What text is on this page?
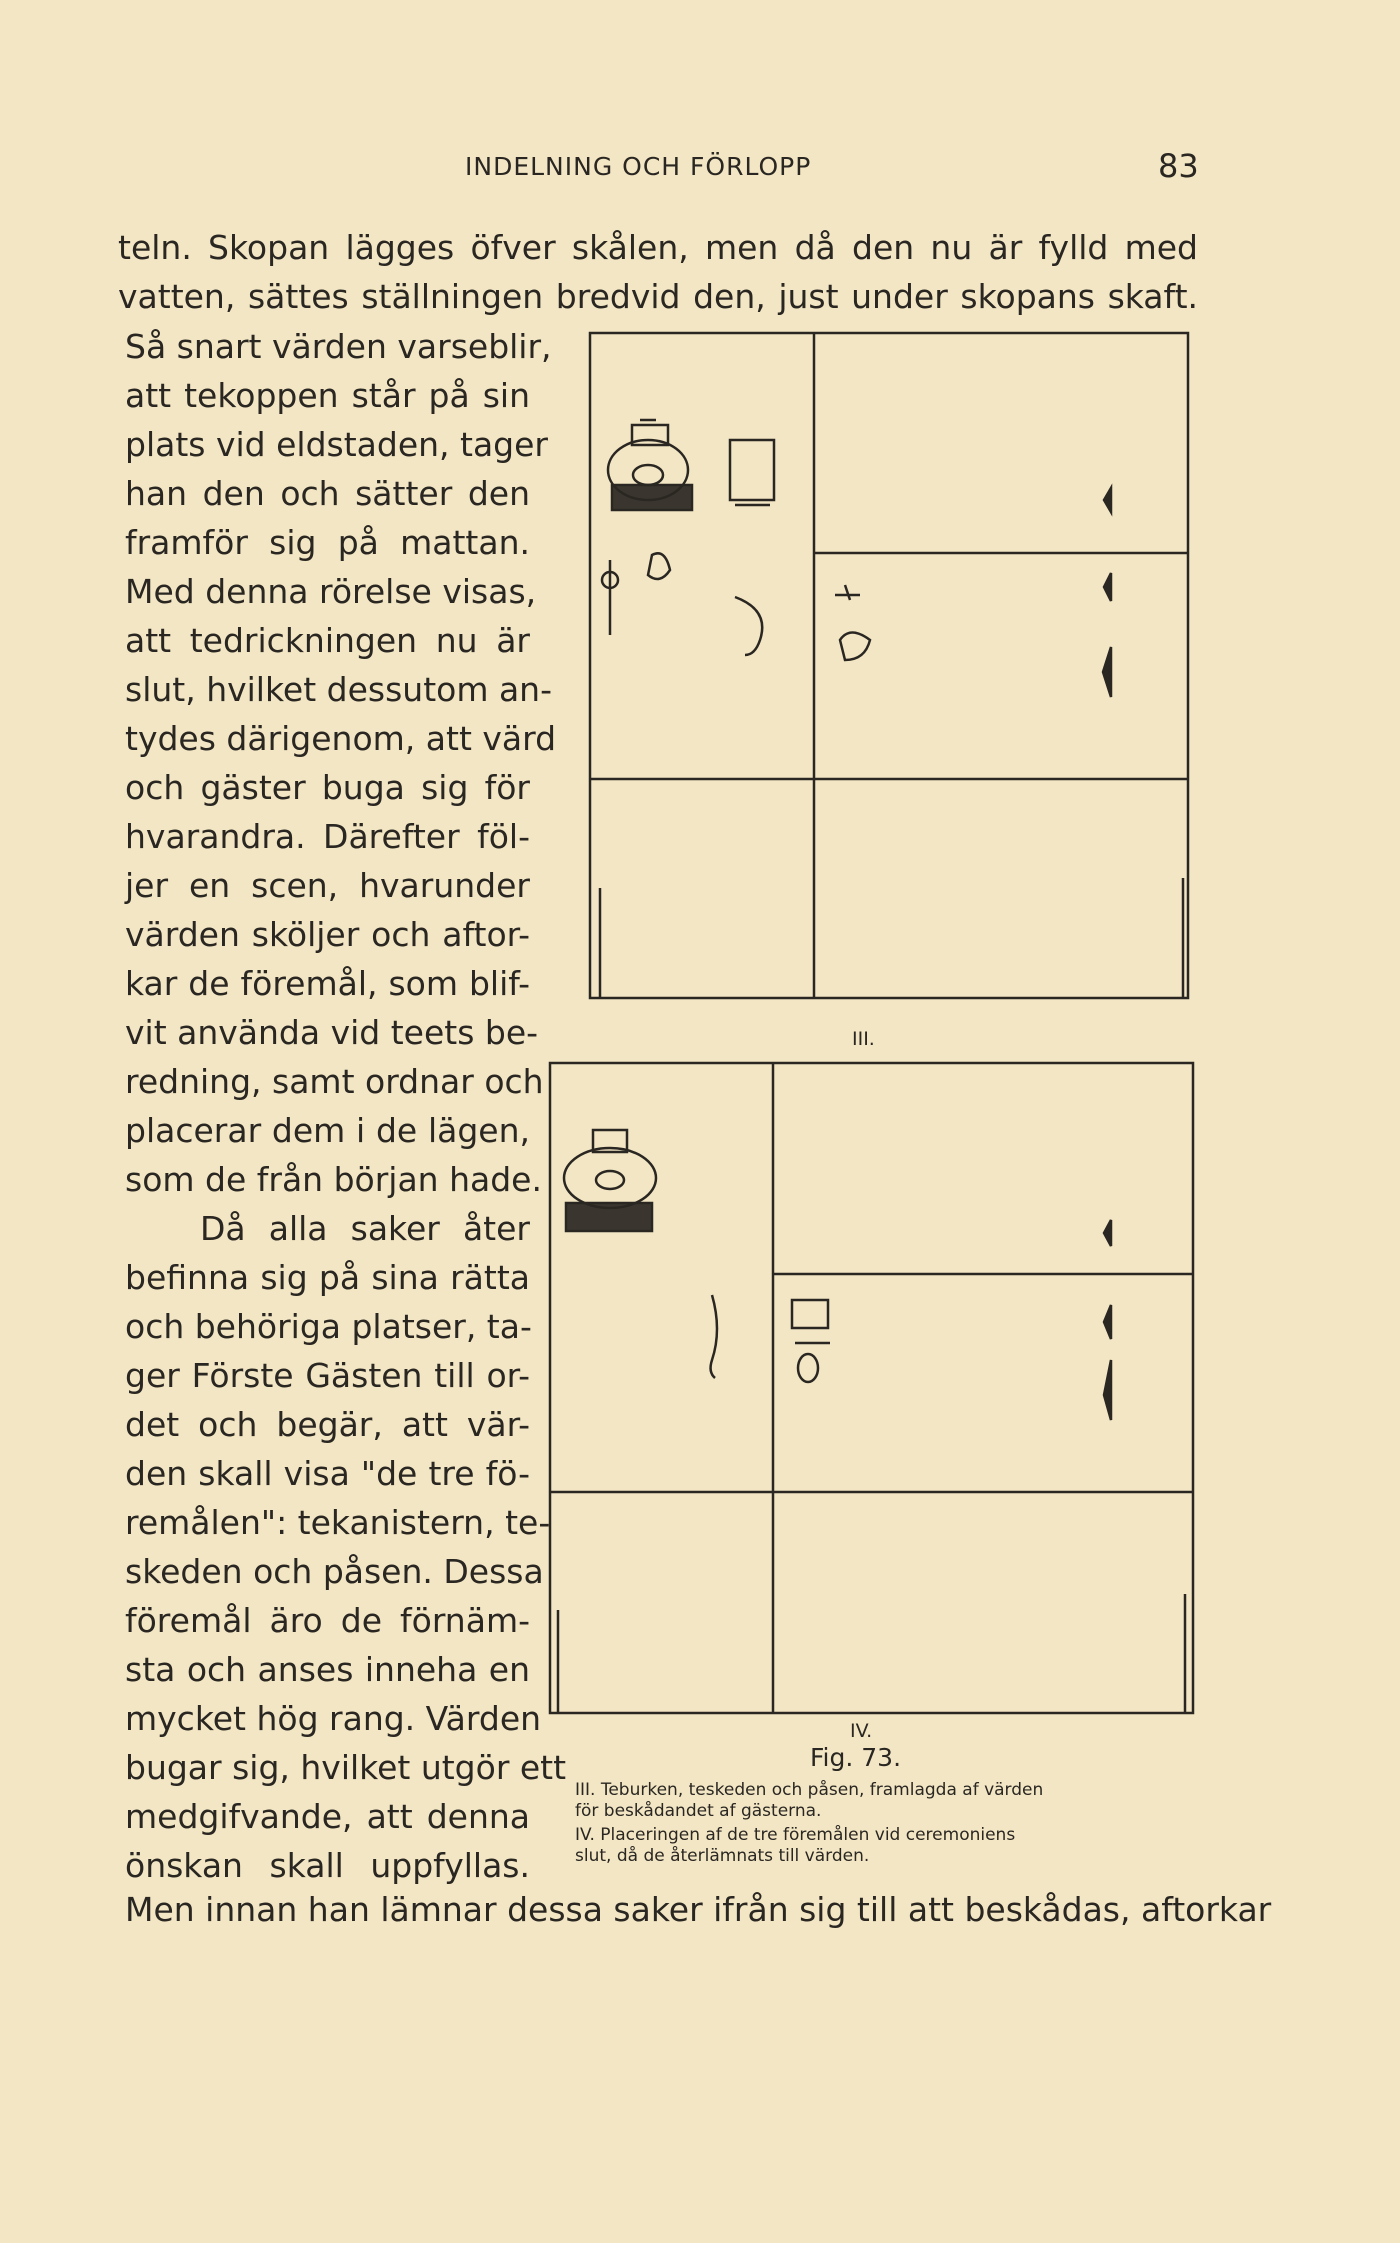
INDELNING OCH FÖRLOPP	83
teln. Skopan lägges öfver skålen, men då den nu är fylld med
vatten, sättes ställningen bredvid den, just under skopans skaft.
Så snart värden varseblir,
att tekoppen står på sin
plats vid eldstaden, tager
han den och sätter den
framför sig på mattan.
Med denna rörelse visas,
att tedrickningen nu är
slut, hvilket dessutom an-
tydes därigenom, att värd
och gäster buga sig för
hvarandra. Därefter föl-
jer en scen, hvarunder
värden sköljer och aftor-
kar de föremål, som blif-
vit använda vid teets be-
redning, samt ordnar och
placerar dem i de lägen,
som de från början hade.
Då alla saker åter
befinna sig på sina rätta
och behöriga platser, ta-
ger Förste Gästen till or-
det och begär, att vär-
den skall visa "de tre fö-
remålen": tekanistern, te-
skeden och påsen. Dessa
föremål äro de förnäm-
sta och anses inneha en
mycket hög rang. Värden
bugar sig, hvilket utgör ett
medgifvande, att denna
önskan skall uppfyllas.
Men innan han lämnar dessa saker ifrån sig till att beskådas, aftorkar
III.
IV.
Fig. 73.
III. Teburken, teskeden och påsen, framlagda af värden
för beskådandet af gästerna.
IV. Placeringen af de tre föremålen vid ceremoniens
slut, då de återlämnats till värden.
